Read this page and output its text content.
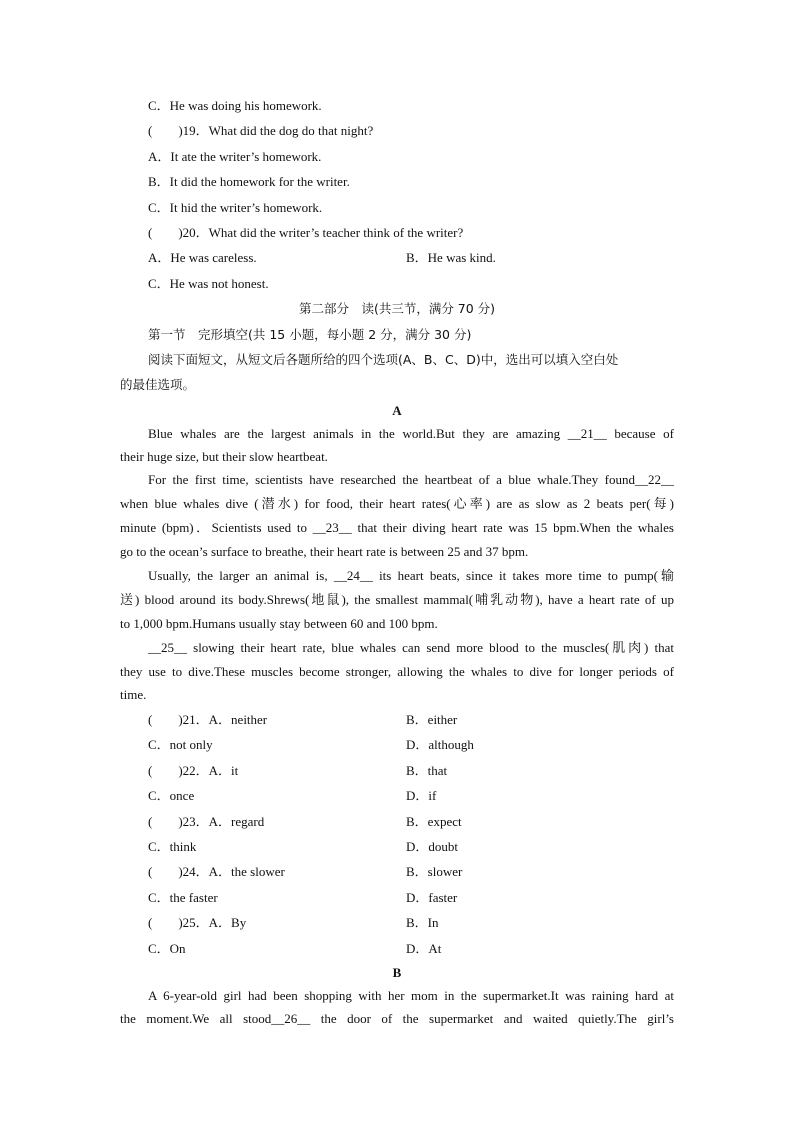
C．He was doing his homework.
(　　)19．What did the dog do that night?
A．It ate the writer’s homework.
B．It did the homework for the writer.
C．It hid the writer’s homework.
(　　)20．What did the writer’s teacher think of the writer?
A．He was careless.	B．He was kind.
C．He was not honest.
第二部分　读(共三节，满分 70 分)
第一节　完形填空(共 15 小题，每小题 2 分，满分 30 分)
阅读下面短文，从短文后各题所给的四个选项(A、B、C、D)中，选出可以填入空白处
的最佳选项。
A
Blue whales are the largest animals in the world.But they are amazing __21__ because of
their huge size, but their slow heartbeat.
For the first time, scientists have researched the heartbeat of a blue whale.They found__22__
when blue whales dive (潜水) for food, their heart rates(心率) are as slow as 2 beats per(每)
minute (bpm)．Scientists used to __23__ that their diving heart rate was 15 bpm.When the whales
go to the ocean’s surface to breathe, their heart rate is between 25 and 37 bpm.
Usually, the larger an animal is, __24__ its heart beats, since it takes more time to pump(输
送) blood around its body.Shrews(地鼠), the smallest mammal(哺乳动物), have a heart rate of up
to 1,000 bpm.Humans usually stay between 60 and 100 bpm.
__25__ slowing their heart rate, blue whales can send more blood to the muscles(肌肉) that
they use to dive.These muscles become stronger, allowing the whales to dive for longer periods of
time.
(　　)21．A．neither	B．either
C．not only	D．although
(　　)22．A．it	B．that
C．once	D．if
(　　)23．A．regard	B．expect
C．think	D．doubt
(　　)24．A．the slower	B．slower
C．the faster	D．faster
(　　)25．A．By	B．In
C．On	D．At
B
A 6-year-old girl had been shopping with her mom in the supermarket.It was raining hard at
the moment.We all stood__26__ the door of the supermarket and waited quietly.The girl’s
